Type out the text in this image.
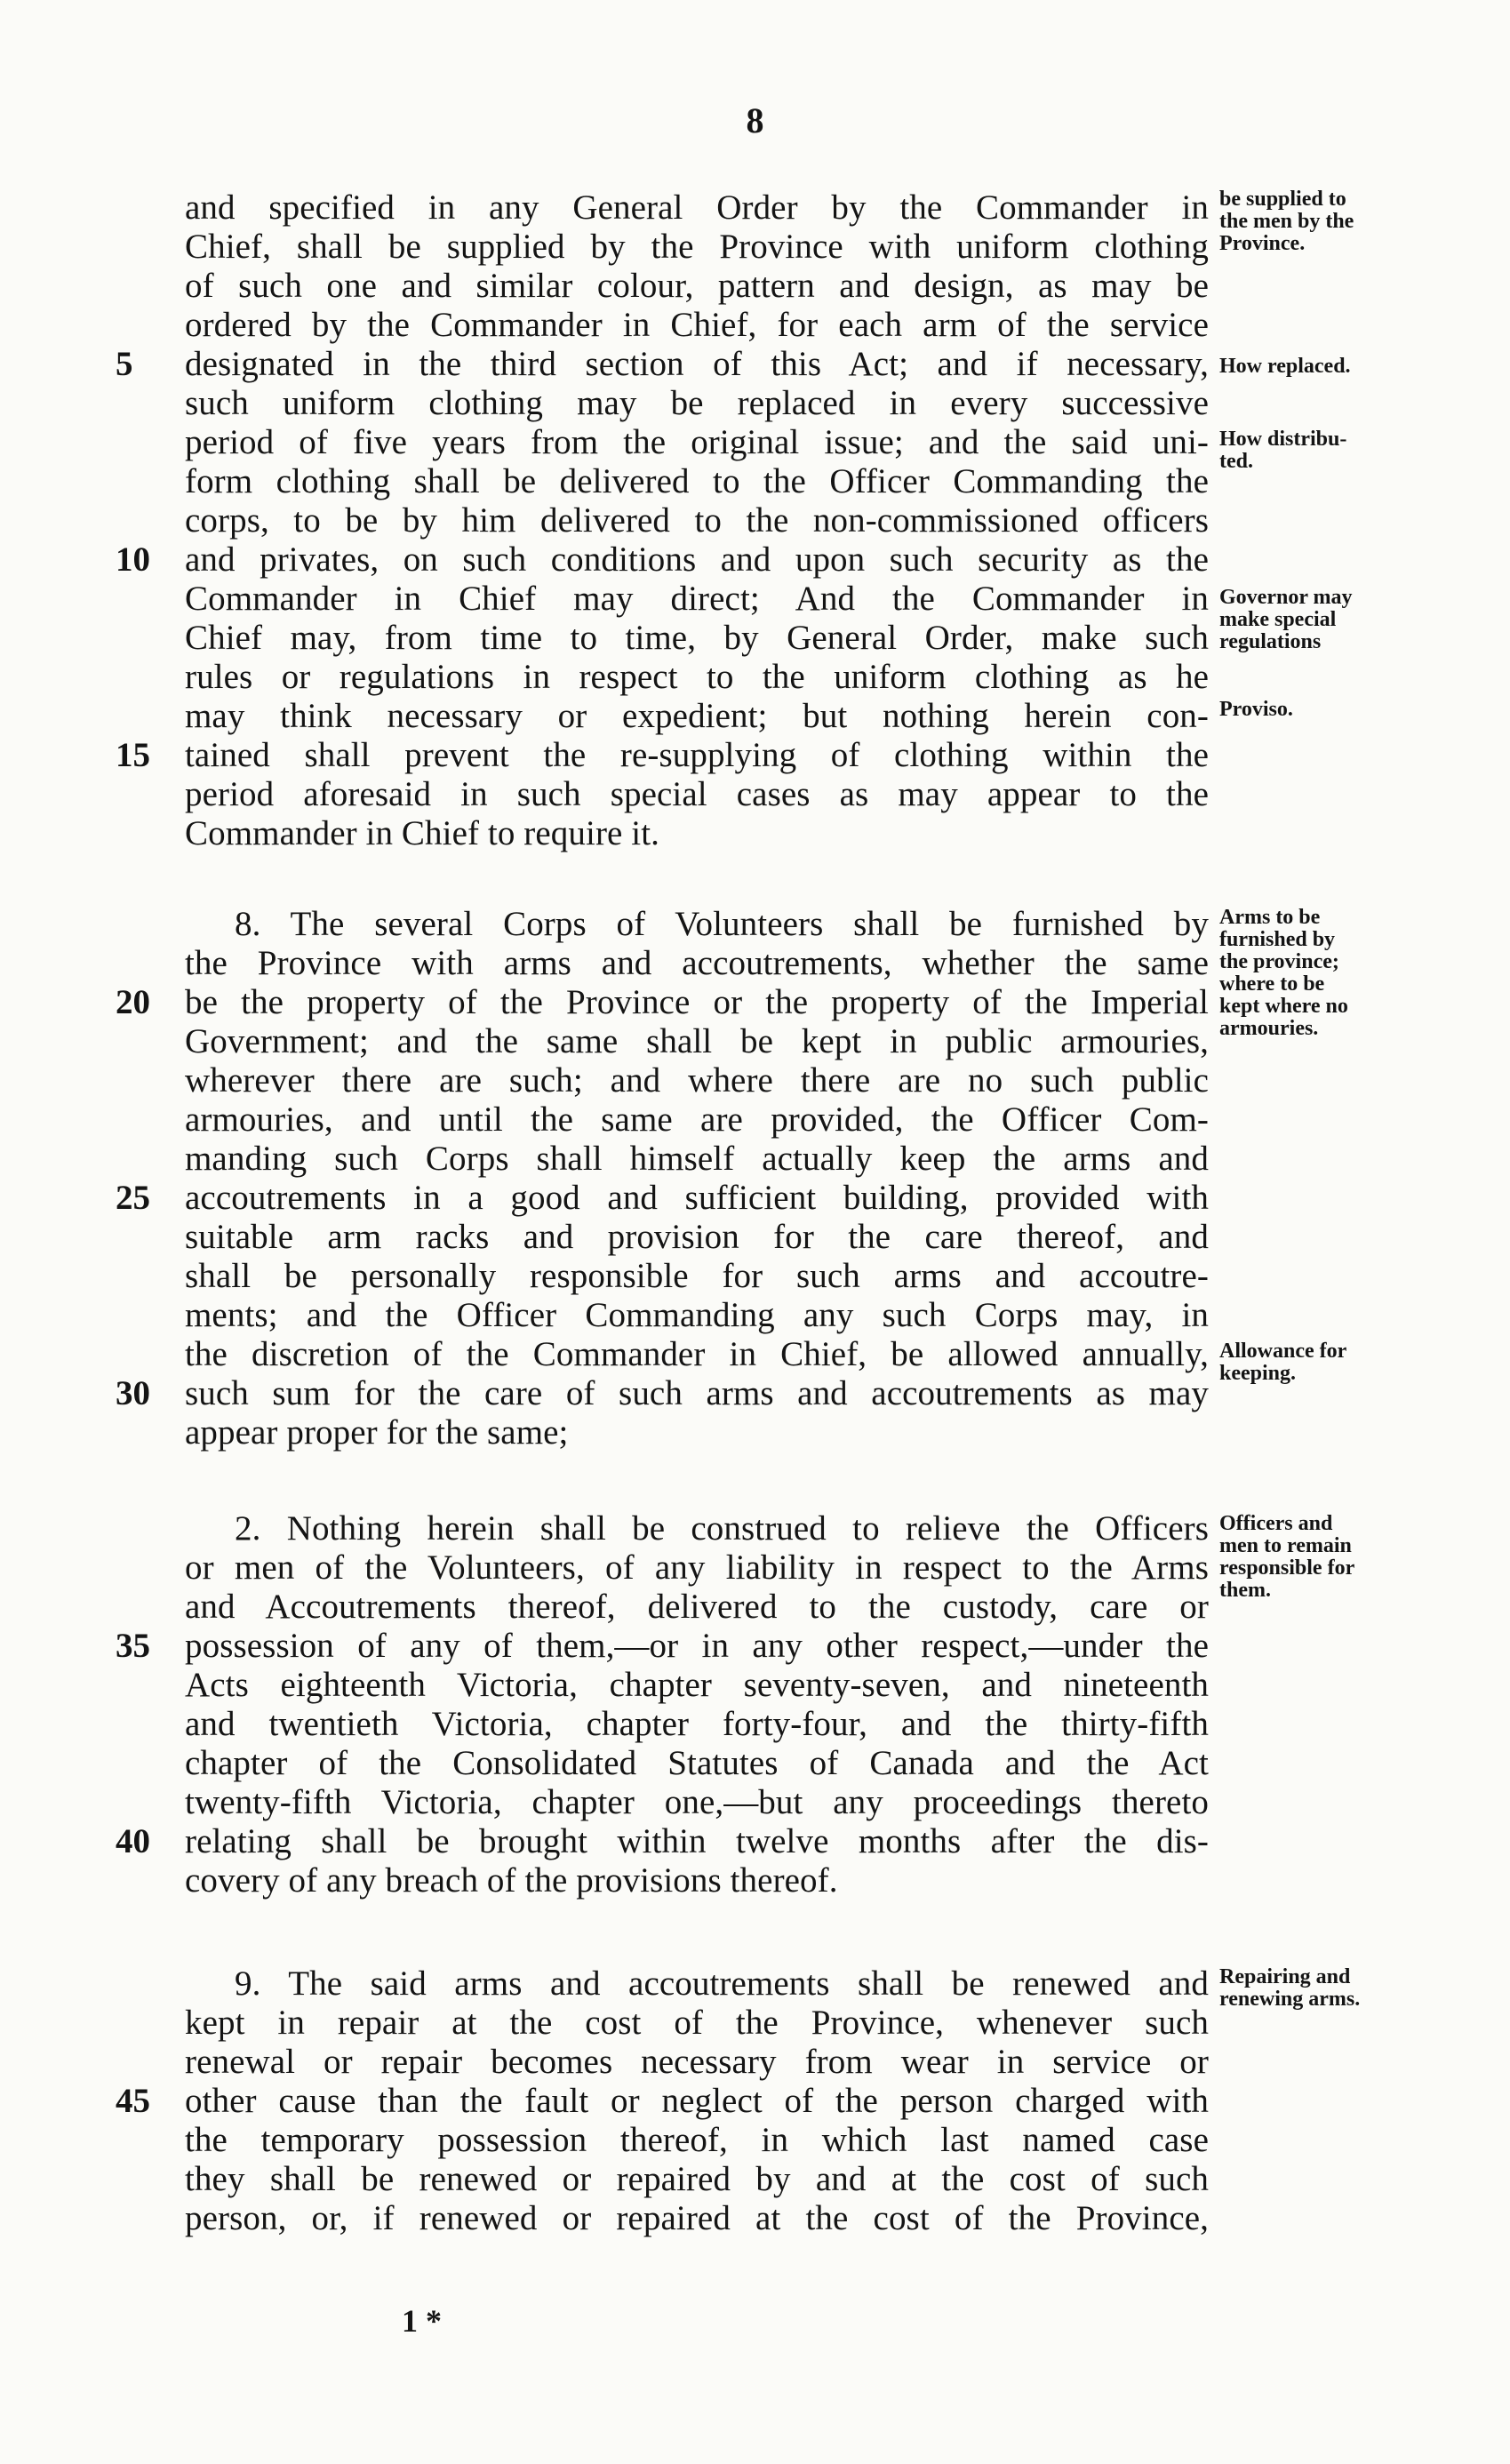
8
and specified in any General Order by the Commander in
Chief, shall be supplied by the Province with uniform clothing
of such one and similar colour, pattern and design, as may be
ordered by the Commander in Chief, for each arm of the service
designated in the third section of this Act; and if necessary,
5
such uniform clothing may be replaced in every successive
period of five years from the original issue; and the said uni-
form clothing shall be delivered to the Officer Commanding the
corps, to be by him delivered to the non-commissioned officers
and privates, on such conditions and upon such security as the
10
Commander in Chief may direct; And the Commander in
Chief may, from time to time, by General Order, make such
rules or regulations in respect to the uniform clothing as he
may think necessary or expedient; but nothing herein con-
tained shall prevent the re-supplying of clothing within the
15
period aforesaid in such special cases as may appear to the
Commander in Chief to require it.
8. The several Corps of Volunteers shall be furnished by
the Province with arms and accoutrements, whether the same
be the property of the Province or the property of the Imperial
20
Government; and the same shall be kept in public armouries,
wherever there are such; and where there are no such public
armouries, and until the same are provided, the Officer Com-
manding such Corps shall himself actually keep the arms and
accoutrements in a good and sufficient building, provided with
25
suitable arm racks and provision for the care thereof, and
shall be personally responsible for such arms and accoutre-
ments; and the Officer Commanding any such Corps may, in
the discretion of the Commander in Chief, be allowed annually,
such sum for the care of such arms and accoutrements as may
30
appear proper for the same;
2. Nothing herein shall be construed to relieve the Officers
or men of the Volunteers, of any liability in respect to the Arms
and Accoutrements thereof, delivered to the custody, care or
possession of any of them,—or in any other respect,—under the
35
Acts eighteenth Victoria, chapter seventy-seven, and nineteenth
and twentieth Victoria, chapter forty-four, and the thirty-fifth
chapter of the Consolidated Statutes of Canada and the Act
twenty-fifth Victoria, chapter one,—but any proceedings thereto
relating shall be brought within twelve months after the dis-
40
covery of any breach of the provisions thereof.
9. The said arms and accoutrements shall be renewed and
kept in repair at the cost of the Province, whenever such
renewal or repair becomes necessary from wear in service or
other cause than the fault or neglect of the person charged with
45
the temporary possession thereof, in which last named case
they shall be renewed or repaired by and at the cost of such
person, or, if renewed or repaired at the cost of the Province,
be supplied to
the men by the
Province.
How replaced.
How distribu-
ted.
Governor may
make special
regulations
Proviso.
Arms to be
furnished by
the province;
where to be
kept where no
armouries.
Allowance for
keeping.
Officers and
men to remain
responsible for
them.
Repairing and
renewing arms.
1 *
